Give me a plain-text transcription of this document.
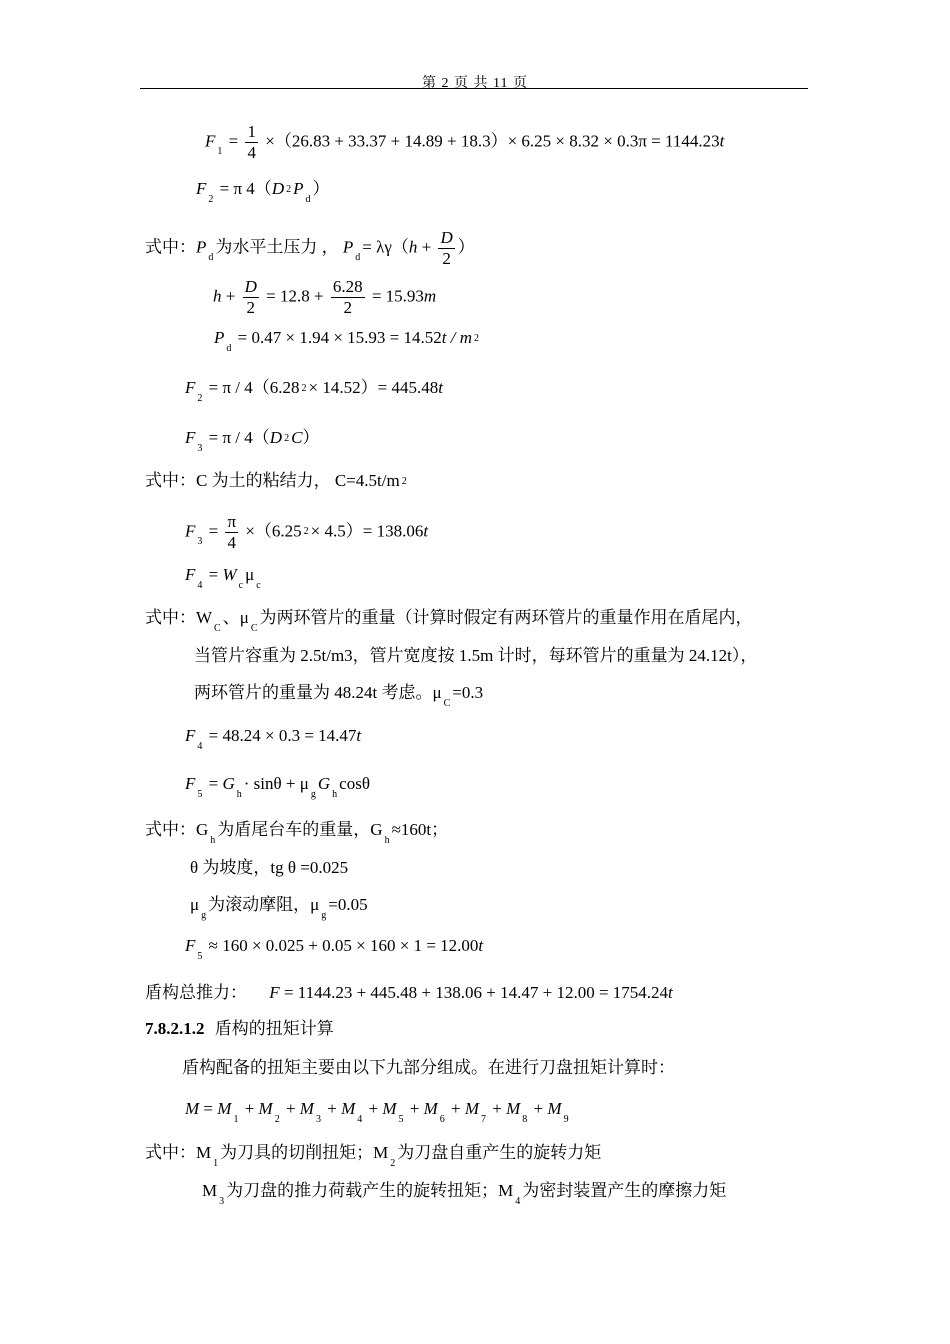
第 2 页 共 11 页
$F_1 = \frac{1}{4} \times(26.83 + 33.37 + 14.89 + 18.3)\times 6.25 \times 8.32 \times 0.3\pi = 1144.23t$
$F_2 = \pi$ 4（D 2 $P_d$）
式中：$P_d$为水平土压力 ， $P_d= \lambda\gamma(h + \frac{D}{2}$ ）
$h + \frac{D}{2} = 12.8 + \frac{6.28}{2} = 15.93m$
$P_d = 0.47 \times 1.94 \times 15.93 = 14.52t / m$ 2
$F_2 = \pi / 4(6.28$ 2 × 14.52）= 445.48t
$F_3 = \pi / 4(D$ 2 C）
式中：C 为土的粘结力， C=4.5t/m 2
$F_3 = \frac{\pi}{4} \times(6.25$ 2 × 4.5）= 138.06t
$F_4 = W_c\mu_c$
式中：$W_C$、$\mu_C$为两环管片的重量（计算时假定有两环管片的重量作用在盾尾内，
当管片容重为 2.5t/m3，管片宽度按 1.5m 计时，每环管片的重量为 24.12t），
两环管片的重量为 48.24t 考虑。$\mu_C=0.3$
$F_4 = 48.24 \times 0.3 = 14.47t$
$F_5 = G_h\cdot \sin\theta + \mu_gG_h\cos\theta$
式中：$G_h$为盾尾台车的重量，$G_h\approx 160t$；
θ 为坡度，tg θ =0.025
$\mu_g$为滚动摩阻，$\mu_g=0.05$
$F_5 \approx 160 \times 0.025 + 0.05 \times 160 \times 1 = 12.00t$
盾构总推力： F = 1144.23 + 445.48 + 138.06 + 14.47 + 12.00 = 1754.24t
7.8.2.1.2 盾构的扭矩计算
盾构配备的扭矩主要由以下九部分组成。在进行刀盘扭矩计算时：
$M = M_1 + M_2 + M_3 + M_4 + M_5 + M_6 + M_7 + M_8 + M_9$
式中：$M_1$为刀具的切削扭矩；$M_2$为刀盘自重产生的旋转力矩
$M_3$为刀盘的推力荷载产生的旋转扭矩；$M_4$为密封装置产生的摩擦力矩
